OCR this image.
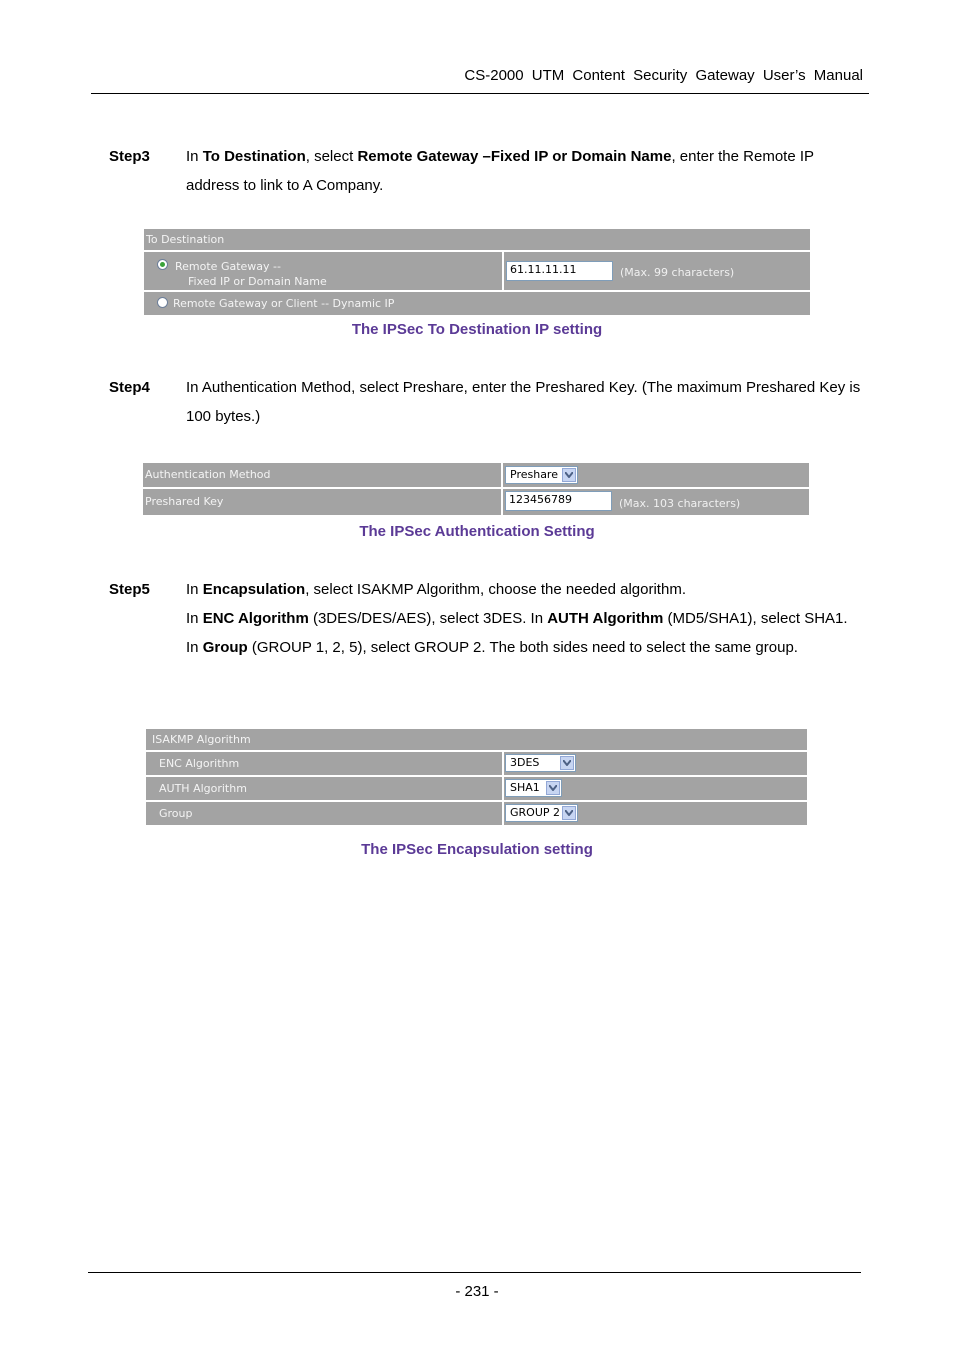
CS-2000 UTM Content Security Gateway User’s Manual
Step3 In To Destination, select Remote Gateway –Fixed IP or Domain Name, enter the Remote IP address to link to A Company.
To Destination
Remote Gateway --
Fixed IP or Domain Name
61.11.11.11	(Max. 99 characters)
Remote Gateway or Client -- Dynamic IP
The IPSec To Destination IP setting
Step4 In Authentication Method, select Preshare, enter the Preshared Key. (The maximum Preshared Key is 100 bytes.)
Authentication Method	Preshare
Preshared Key	123456789	(Max. 103 characters)
The IPSec Authentication Setting
Step5 In Encapsulation, select ISAKMP Algorithm, choose the needed algorithm.
In ENC Algorithm (3DES/DES/AES), select 3DES. In AUTH Algorithm (MD5/SHA1), select SHA1. In Group (GROUP 1, 2, 5), select GROUP 2. The both sides need to select the same group.
ISAKMP Algorithm
ENC Algorithm	3DES
AUTH Algorithm	SHA1
Group	GROUP 2
The IPSec Encapsulation setting
- 231 -
